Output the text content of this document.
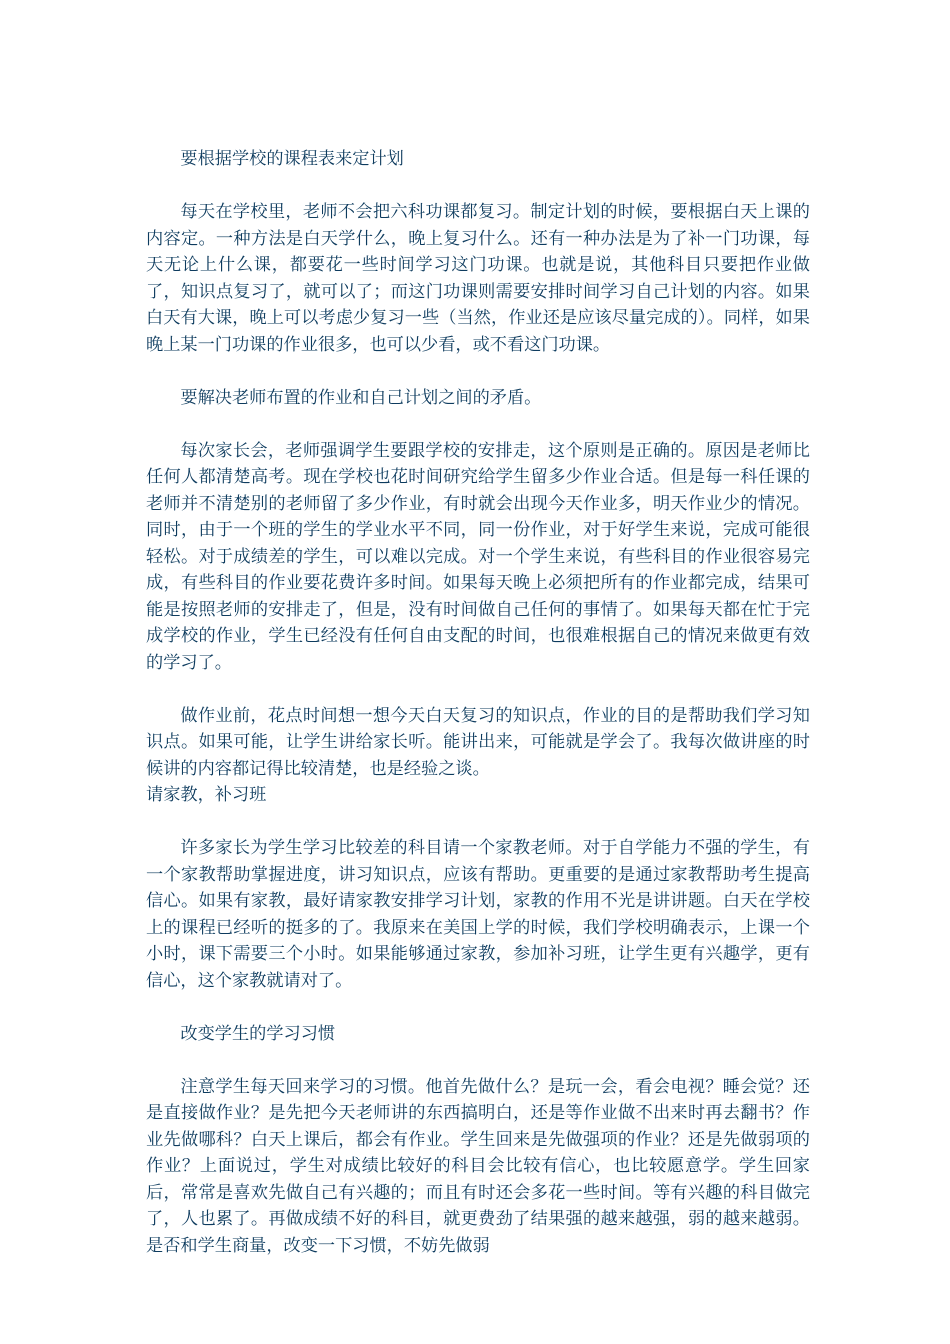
要根据学校的课程表来定计划

每天在学校里，老师不会把六科功课都复习。制定计划的时候，要根据白天上课的内容定。一种方法是白天学什么，晚上复习什么。还有一种办法是为了补一门功课，每天无论上什么课，都要花一些时间学习这门功课。也就是说，其他科目只要把作业做了，知识点复习了，就可以了；而这门功课则需要安排时间学习自己计划的内容。如果白天有大课，晚上可以考虑少复习一些（当然，作业还是应该尽量完成的）。同样，如果晚上某一门功课的作业很多，也可以少看，或不看这门功课。

要解决老师布置的作业和自己计划之间的矛盾。

每次家长会，老师强调学生要跟学校的安排走，这个原则是正确的。原因是老师比任何人都清楚高考。现在学校也花时间研究给学生留多少作业合适。但是每一科任课的老师并不清楚别的老师留了多少作业，有时就会出现今天作业多，明天作业少的情况。同时，由于一个班的学生的学业水平不同，同一份作业，对于好学生来说，完成可能很轻松。对于成绩差的学生，可以难以完成。对一个学生来说，有些科目的作业很容易完成，有些科目的作业要花费许多时间。如果每天晚上必须把所有的作业都完成，结果可能是按照老师的安排走了，但是，没有时间做自己任何的事情了。如果每天都在忙于完成学校的作业，学生已经没有任何自由支配的时间，也很难根据自己的情况来做更有效的学习了。

做作业前，花点时间想一想今天白天复习的知识点，作业的目的是帮助我们学习知识点。如果可能，让学生讲给家长听。能讲出来，可能就是学会了。我每次做讲座的时候讲的内容都记得比较清楚，也是经验之谈。

请家教，补习班

许多家长为学生学习比较差的科目请一个家教老师。对于自学能力不强的学生，有一个家教帮助掌握进度，讲习知识点，应该有帮助。更重要的是通过家教帮助考生提高信心。如果有家教，最好请家教安排学习计划，家教的作用不光是讲讲题。白天在学校上的课程已经听的挺多的了。我原来在美国上学的时候，我们学校明确表示，上课一个小时，课下需要三个小时。如果能够通过家教，参加补习班，让学生更有兴趣学，更有信心，这个家教就请对了。

改变学生的学习习惯

注意学生每天回来学习的习惯。他首先做什么？是玩一会，看会电视？睡会觉？还是直接做作业？是先把今天老师讲的东西搞明白，还是等作业做不出来时再去翻书？作业先做哪科？白天上课后，都会有作业。学生回来是先做强项的作业？还是先做弱项的作业？上面说过，学生对成绩比较好的科目会比较有信心，也比较愿意学。学生回家后，常常是喜欢先做自己有兴趣的；而且有时还会多花一些时间。等有兴趣的科目做完了，人也累了。再做成绩不好的科目，就更费劲了结果强的越来越强，弱的越来越弱。是否和学生商量，改变一下习惯，不妨先做弱
